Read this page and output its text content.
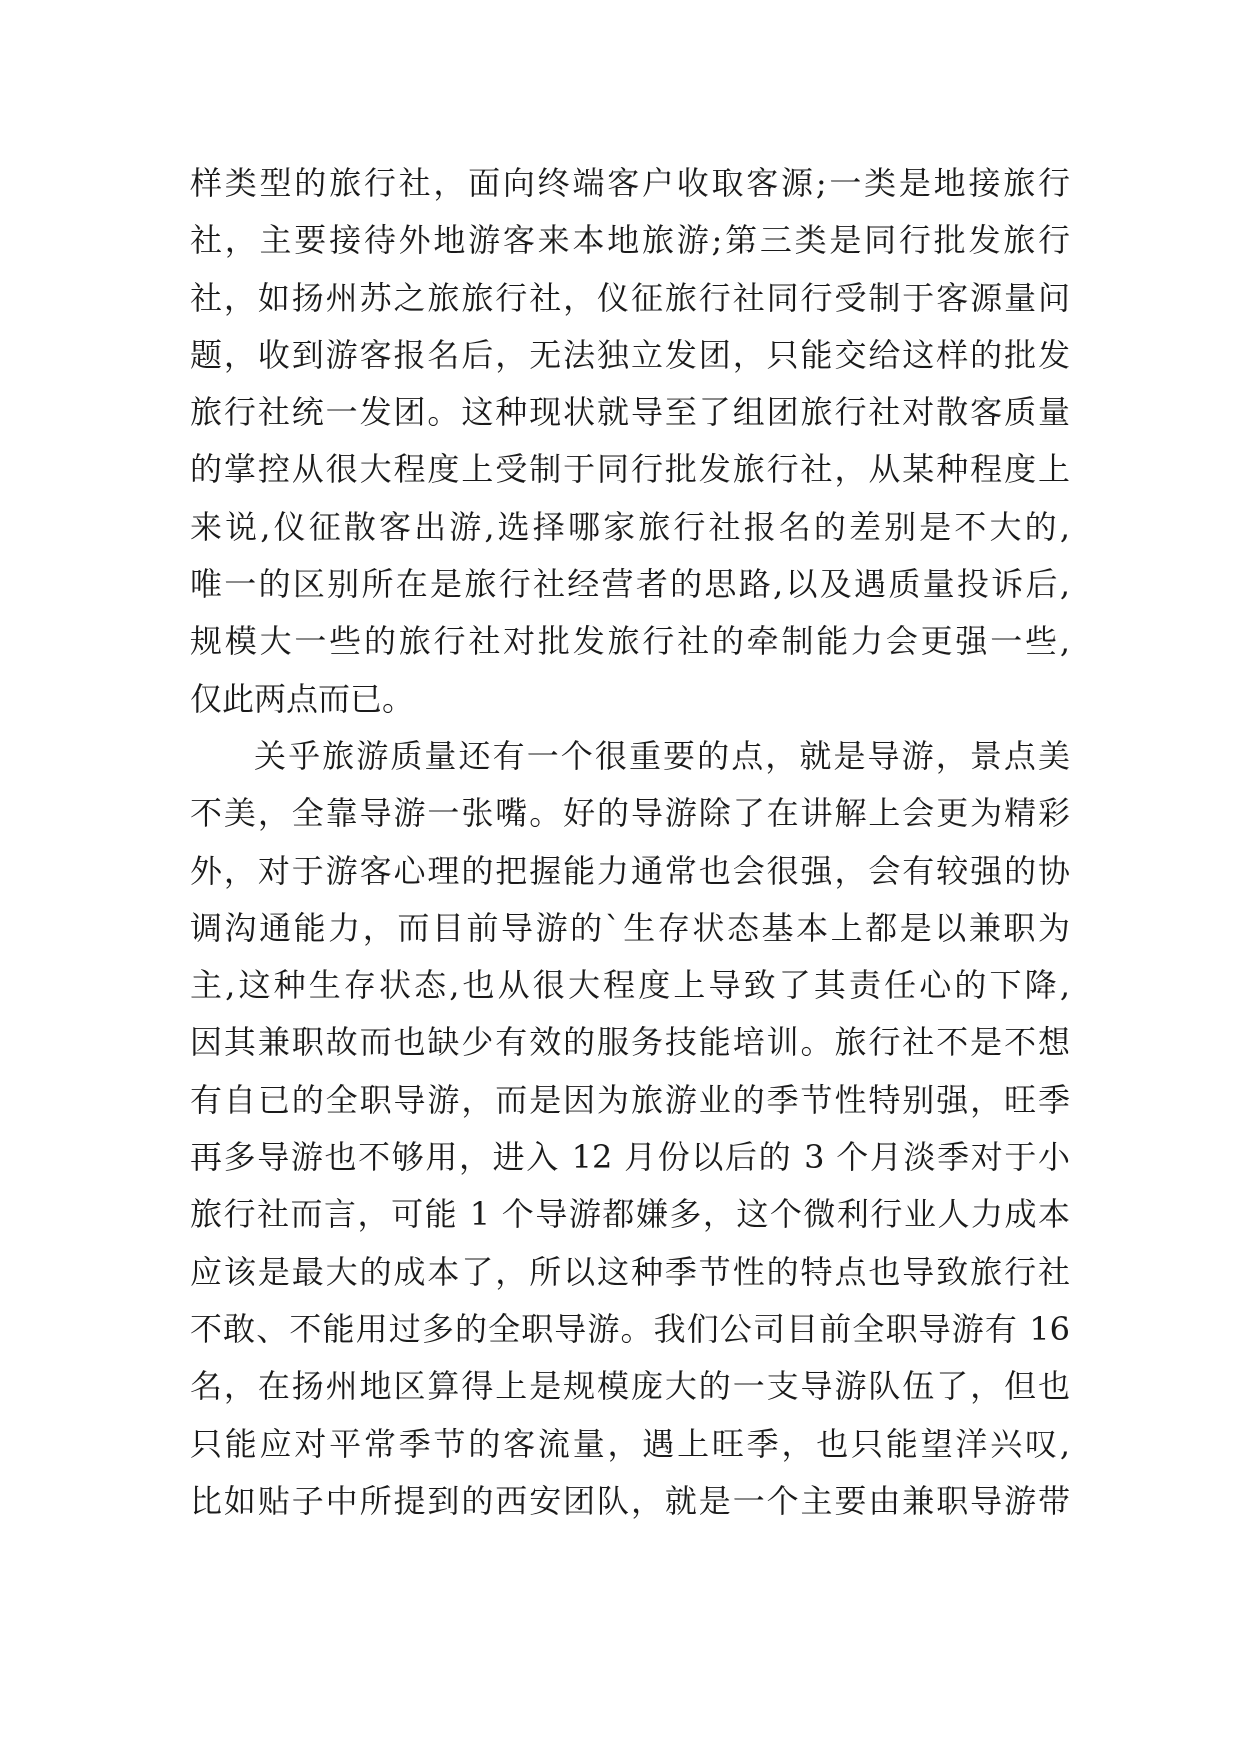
样类型的旅行社，面向终端客户收取客源;一类是地接旅行
社，主要接待外地游客来本地旅游;第三类是同行批发旅行
社，如扬州苏之旅旅行社，仪征旅行社同行受制于客源量问
题，收到游客报名后，无法独立发团，只能交给这样的批发
旅行社统一发团。这种现状就导至了组团旅行社对散客质量
的掌控从很大程度上受制于同行批发旅行社，从某种程度上
来说,仪征散客出游,选择哪家旅行社报名的差别是不大的,
唯一的区别所在是旅行社经营者的思路,以及遇质量投诉后,
规模大一些的旅行社对批发旅行社的牵制能力会更强一些,
仅此两点而已。
关乎旅游质量还有一个很重要的点，就是导游，景点美
不美，全靠导游一张嘴。好的导游除了在讲解上会更为精彩
外，对于游客心理的把握能力通常也会很强，会有较强的协
调沟通能力，而目前导游的`生存状态基本上都是以兼职为
主,这种生存状态,也从很大程度上导致了其责任心的下降,
因其兼职故而也缺少有效的服务技能培训。旅行社不是不想
有自已的全职导游，而是因为旅游业的季节性特别强，旺季
再多导游也不够用，进入 12 月份以后的 3 个月淡季对于小
旅行社而言，可能 1 个导游都嫌多，这个微利行业人力成本
应该是最大的成本了，所以这种季节性的特点也导致旅行社
不敢、不能用过多的全职导游。我们公司目前全职导游有 16
名，在扬州地区算得上是规模庞大的一支导游队伍了，但也
只能应对平常季节的客流量，遇上旺季，也只能望洋兴叹,
比如贴子中所提到的西安团队，就是一个主要由兼职导游带
